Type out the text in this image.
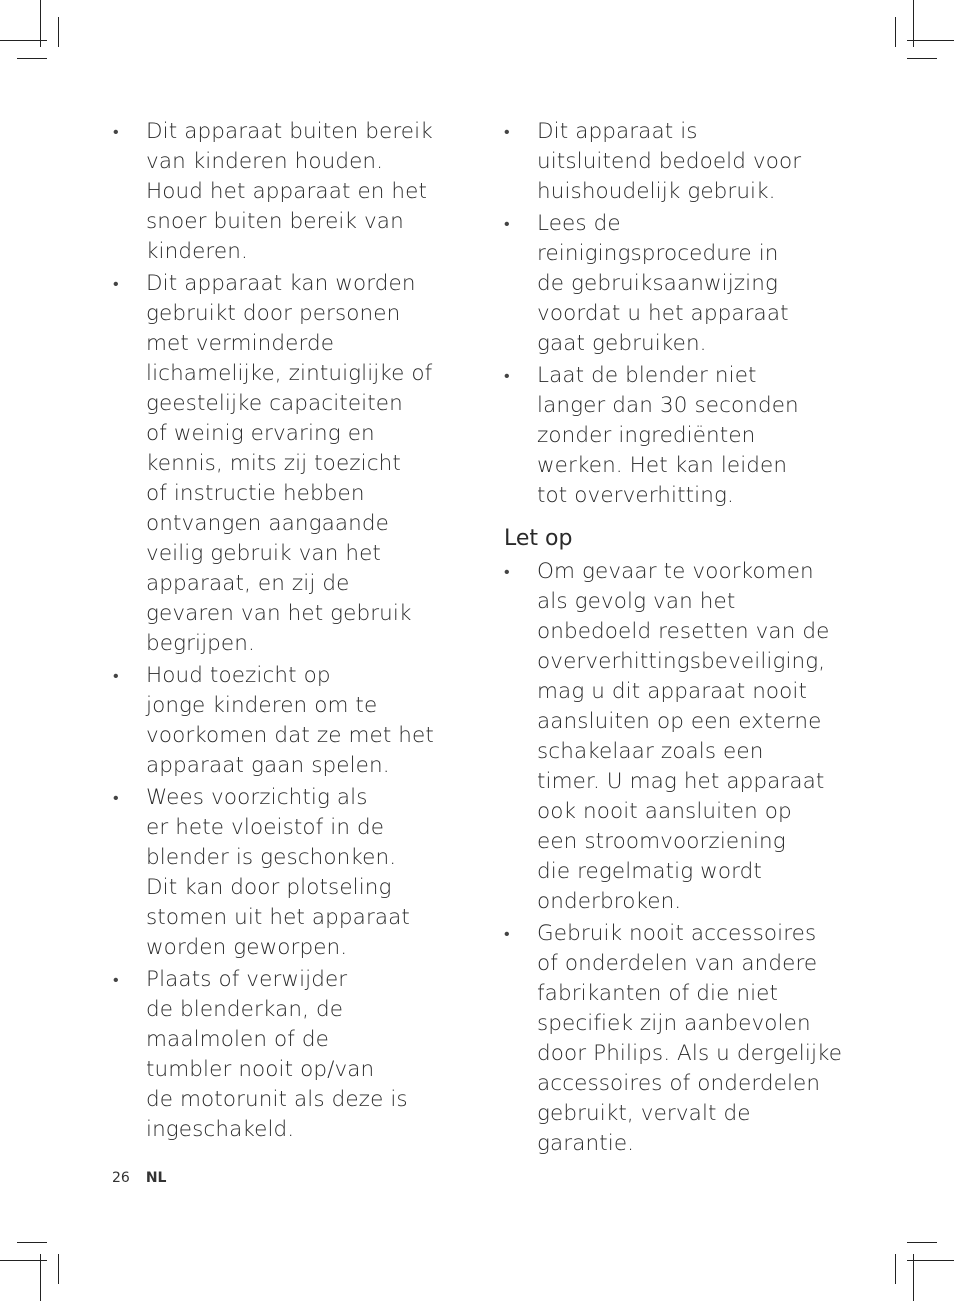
• Dit apparaat buiten bereik
van kinderen houden.
Houd het apparaat en het
snoer buiten bereik van
kinderen.
• Dit apparaat kan worden
gebruikt door personen
met verminderde
lichamelijke, zintuiglijke of
geestelijke capaciteiten
of weinig ervaring en
kennis, mits zij toezicht
of instructie hebben
ontvangen aangaande
veilig gebruik van het
apparaat, en zij de
gevaren van het gebruik
begrijpen.
• Houd toezicht op
jonge kinderen om te
voorkomen dat ze met het
apparaat gaan spelen.
• Wees voorzichtig als
er hete vloeistof in de
blender is geschonken.
Dit kan door plotseling
stomen uit het apparaat
worden geworpen.
• Plaats of verwijder
de blenderkan, de
maalmolen of de
tumbler nooit op/van
de motorunit als deze is
ingeschakeld.
• Dit apparaat is
uitsluitend bedoeld voor
huishoudelijk gebruik.
• Lees de
reinigingsprocedure in
de gebruiksaanwijzing
voordat u het apparaat
gaat gebruiken.
• Laat de blender niet
langer dan 30 seconden
zonder ingrediënten
werken. Het kan leiden
tot oververhitting.
Let op
• Om gevaar te voorkomen
als gevolg van het
onbedoeld resetten van de
oververhittingsbeveiliging,
mag u dit apparaat nooit
aansluiten op een externe
schakelaar zoals een
timer. U mag het apparaat
ook nooit aansluiten op
een stroomvoorziening
die regelmatig wordt
onderbroken.
• Gebruik nooit accessoires
of onderdelen van andere
fabrikanten of die niet
specifiek zijn aanbevolen
door Philips. Als u dergelijke
accessoires of onderdelen
gebruikt, vervalt de garantie.
26 NL
